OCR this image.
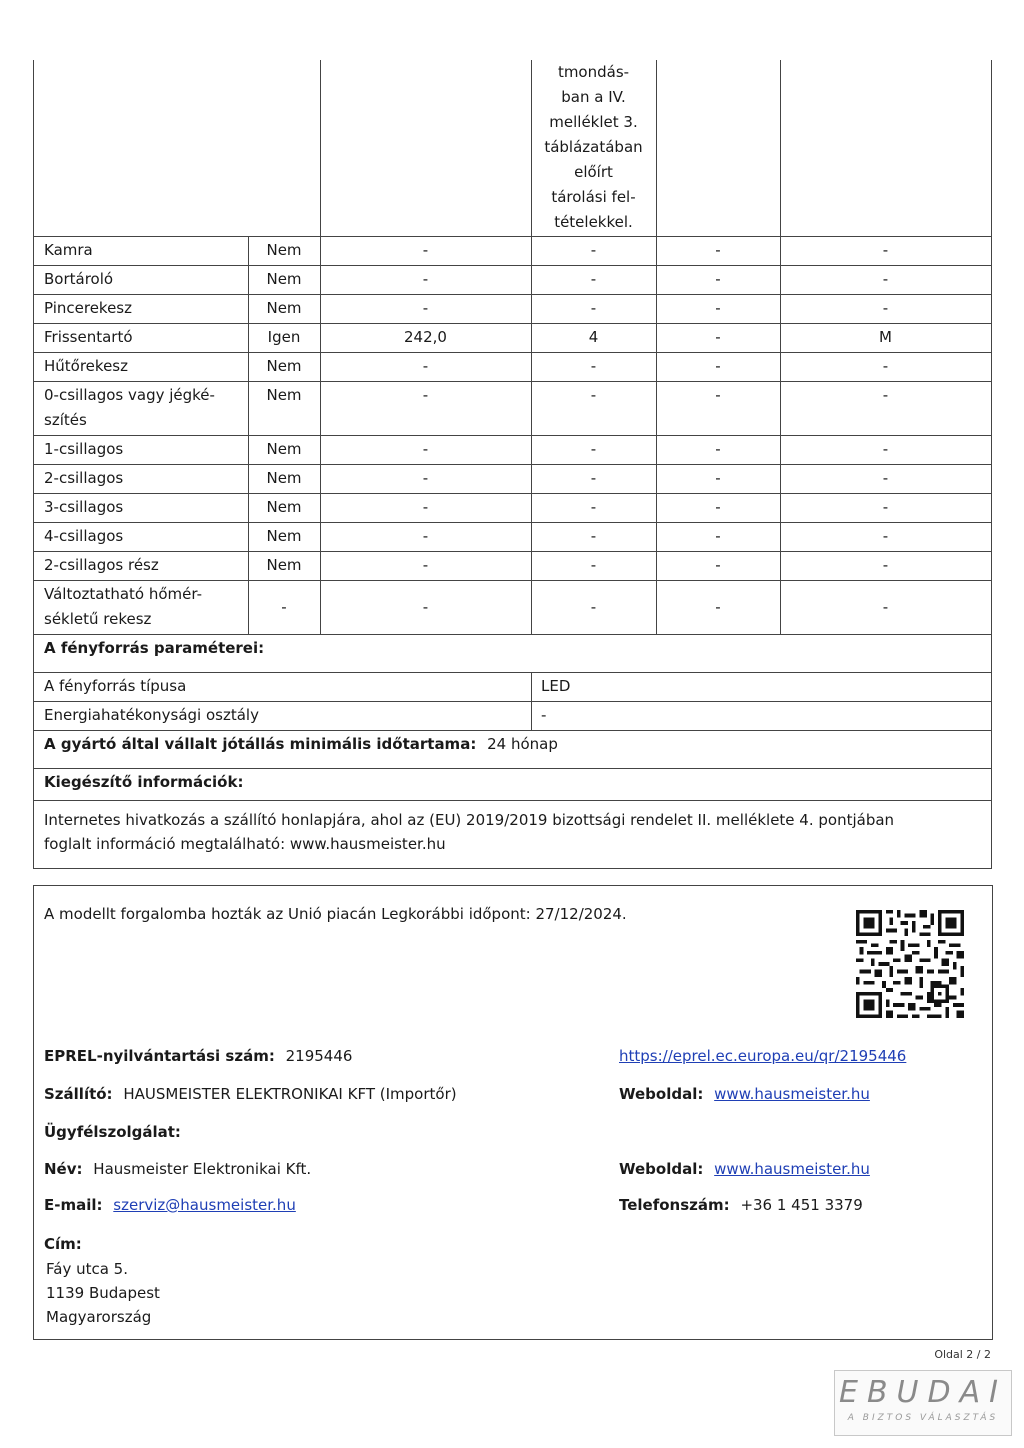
tmondás-
ban a IV.
melléklet 3.
táblázatában
előírt
tárolási fel-
tételekkel.
Kamra	Nem	-	-	-	-
Bortároló	Nem	-	-	-	-
Pincerekesz	Nem	-	-	-	-
Frissentartó	Igen	242,0	4	-	M
Hűtőrekesz	Nem	-	-	-	-
0-csillagos vagy jégké-
szítés
Nem	-	-	-	-
1-csillagos	Nem	-	-	-	-
2-csillagos	Nem	-	-	-	-
3-csillagos	Nem	-	-	-	-
4-csillagos	Nem	-	-	-	-
2-csillagos rész	Nem	-	-	-	-
Változtatható hőmér-
sékletű rekesz
-	-	-	-	-
A fényforrás paraméterei:
A fényforrás típusa	LED
Energiahatékonysági osztály	-
A gyártó által vállalt jótállás minimális időtartama: 24 hónap
Kiegészítő információk:
Internetes hivatkozás a szállító honlapjára, ahol az (EU) 2019/2019 bizottsági rendelet II. melléklete 4. pontjában
foglalt információ megtalálható: www.hausmeister.hu
A modellt forgalomba hozták az Unió piacán Legkorábbi időpont: 27/12/2024.
EPREL-nyilvántartási szám: 2195446	https://eprel.ec.europa.eu/qr/2195446
Szállító: HAUSMEISTER ELEKTRONIKAI KFT (Importőr)	Weboldal: www.hausmeister.hu
Ügyfélszolgálat:
Név: Hausmeister Elektronikai Kft.	Weboldal: www.hausmeister.hu
E-mail: szerviz@hausmeister.hu	Telefonszám: +36 1 451 3379
Cím:
Fáy utca 5.
1139 Budapest
Magyarország
Oldal 2 / 2
EBUDAI
A BIZTOS VÁLASZTÁS
